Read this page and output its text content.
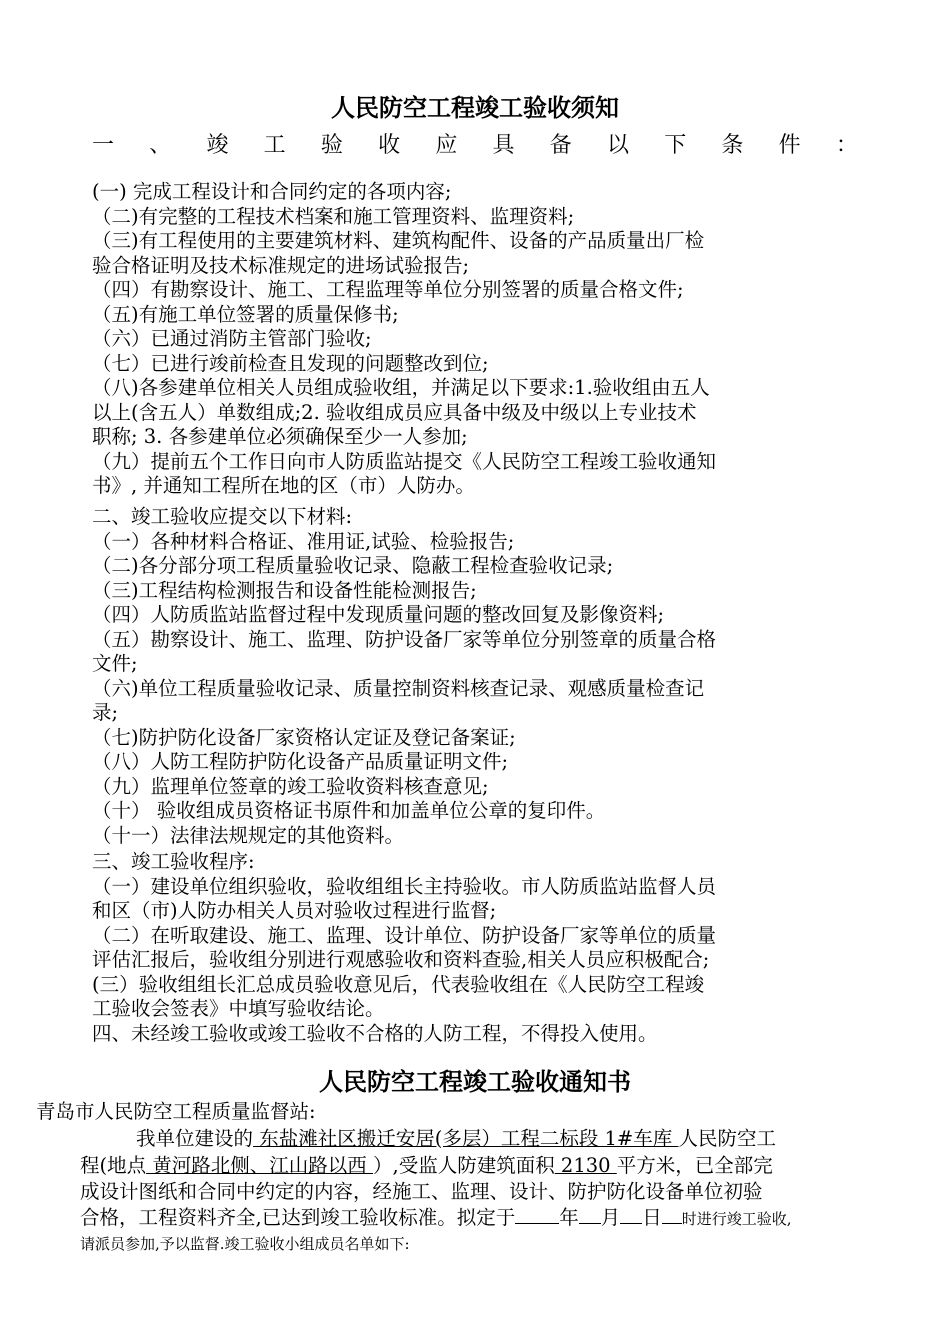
人民防空工程竣工验收须知
一 、 竣 工 验 收 应 具 备 以 下 条 件 ：
(一) 完成工程设计和合同约定的各项内容;
（二)有完整的工程技术档案和施工管理资料、监理资料;
（三)有工程使用的主要建筑材料、建筑构配件、设备的产品质量出厂检
验合格证明及技术标准规定的进场试验报告;
（四）有勘察设计、施工、工程监理等单位分别签署的质量合格文件;
（五)有施工单位签署的质量保修书;
（六）已通过消防主管部门验收;
（七）已进行竣前检查且发现的问题整改到位;
（八)各参建单位相关人员组成验收组，并满足以下要求:1.验收组由五人
以上(含五人）单数组成;2. 验收组成员应具备中级及中级以上专业技术
职称; 3. 各参建单位必须确保至少一人参加;
（九）提前五个工作日向市人防质监站提交《人民防空工程竣工验收通知
书》, 并通知工程所在地的区（市）人防办。
二、竣工验收应提交以下材料:
（一）各种材料合格证、准用证,试验、检验报告;
（二)各分部分项工程质量验收记录、隐蔽工程检查验收记录;
（三)工程结构检测报告和设备性能检测报告;
（四）人防质监站监督过程中发现质量问题的整改回复及影像资料;
（五）勘察设计、施工、监理、防护设备厂家等单位分别签章的质量合格
文件;
（六)单位工程质量验收记录、质量控制资料核查记录、观感质量检查记
录;
（七)防护防化设备厂家资格认定证及登记备案证;
（八）人防工程防护防化设备产品质量证明文件;
（九）监理单位签章的竣工验收资料核查意见;
（十） 验收组成员资格证书原件和加盖单位公章的复印件。
（十一）法律法规规定的其他资料。
三、竣工验收程序:
（一）建设单位组织验收，验收组组长主持验收。市人防质监站监督人员
和区（市)人防办相关人员对验收过程进行监督;
（二）在听取建设、施工、监理、设计单位、防护设备厂家等单位的质量
评估汇报后，验收组分别进行观感验收和资料查验,相关人员应积极配合;
(三）验收组组长汇总成员验收意见后，代表验收组在《人民防空工程竣
工验收会签表》中填写验收结论。
四、未经竣工验收或竣工验收不合格的人防工程，不得投入使用。
人民防空工程竣工验收通知书
青岛市人民防空工程质量监督站:
我单位建设的 东盐滩社区搬迁安居(多层）工程二标段 1#车库 人民防空工
程(地点 黄河路北侧、江山路以西 ）,受监人防建筑面积 2130 平方米，已全部完
成设计图纸和合同中约定的内容，经施工、监理、设计、防护防化设备单位初验
合格，工程资料齐全,已达到竣工验收标准。拟定于 年 月 日 时进行竣工验收,
请派员参加,予以监督.竣工验收小组成员名单如下:
